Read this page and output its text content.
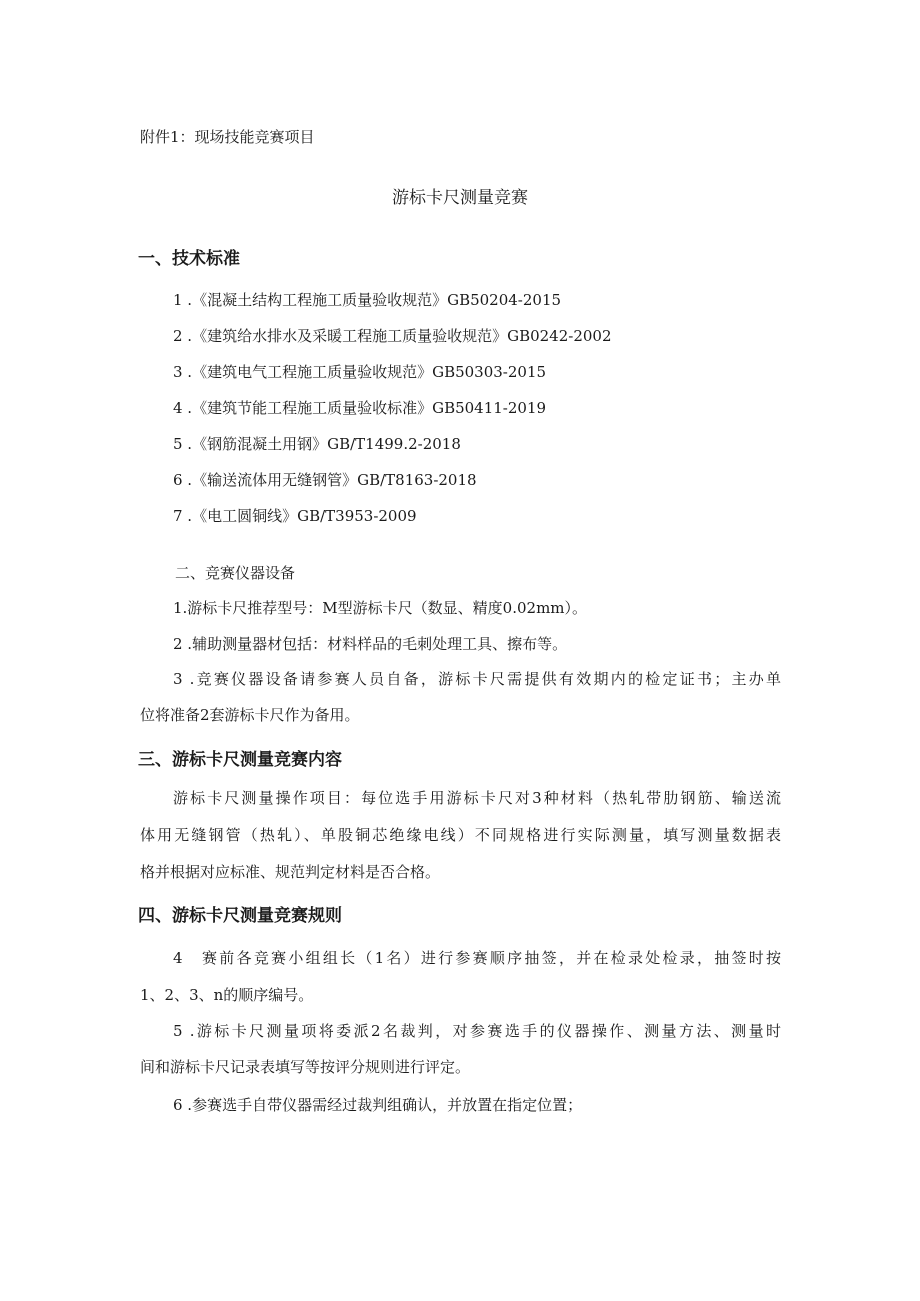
附件1：现场技能竞赛项目
游标卡尺测量竞赛
一、技术标准
1 .《混凝土结构工程施工质量验收规范》GB50204-2015
2 .《建筑给水排水及采暖工程施工质量验收规范》GB0242-2002
3 .《建筑电气工程施工质量验收规范》GB50303-2015
4 .《建筑节能工程施工质量验收标准》GB50411-2019
5 .《钢筋混凝土用钢》GB/T1499.2-2018
6 .《输送流体用无缝钢管》GB/T8163-2018
7 .《电工圆铜线》GB/T3953-2009
二、竞赛仪器设备
1.游标卡尺推荐型号：M型游标卡尺（数显、精度0.02mm）。
2 .辅助测量器材包括：材料样品的毛刺处理工具、擦布等。
3 .竞赛仪器设备请参赛人员自备，游标卡尺需提供有效期内的检定证书；主办单
位将准备2套游标卡尺作为备用。
三、游标卡尺测量竞赛内容
游标卡尺测量操作项目：每位选手用游标卡尺对3种材料（热轧带肋钢筋、输送流
体用无缝钢管（热轧）、单股铜芯绝缘电线）不同规格进行实际测量，填写测量数据表
格并根据对应标准、规范判定材料是否合格。
四、游标卡尺测量竞赛规则
4　赛前各竞赛小组组长（1名）进行参赛顺序抽签，并在检录处检录，抽签时按
1、2、3、n的顺序编号。
5 .游标卡尺测量项将委派2名裁判，对参赛选手的仪器操作、测量方法、测量时
间和游标卡尺记录表填写等按评分规则进行评定。
6 .参赛选手自带仪器需经过裁判组确认，并放置在指定位置；
